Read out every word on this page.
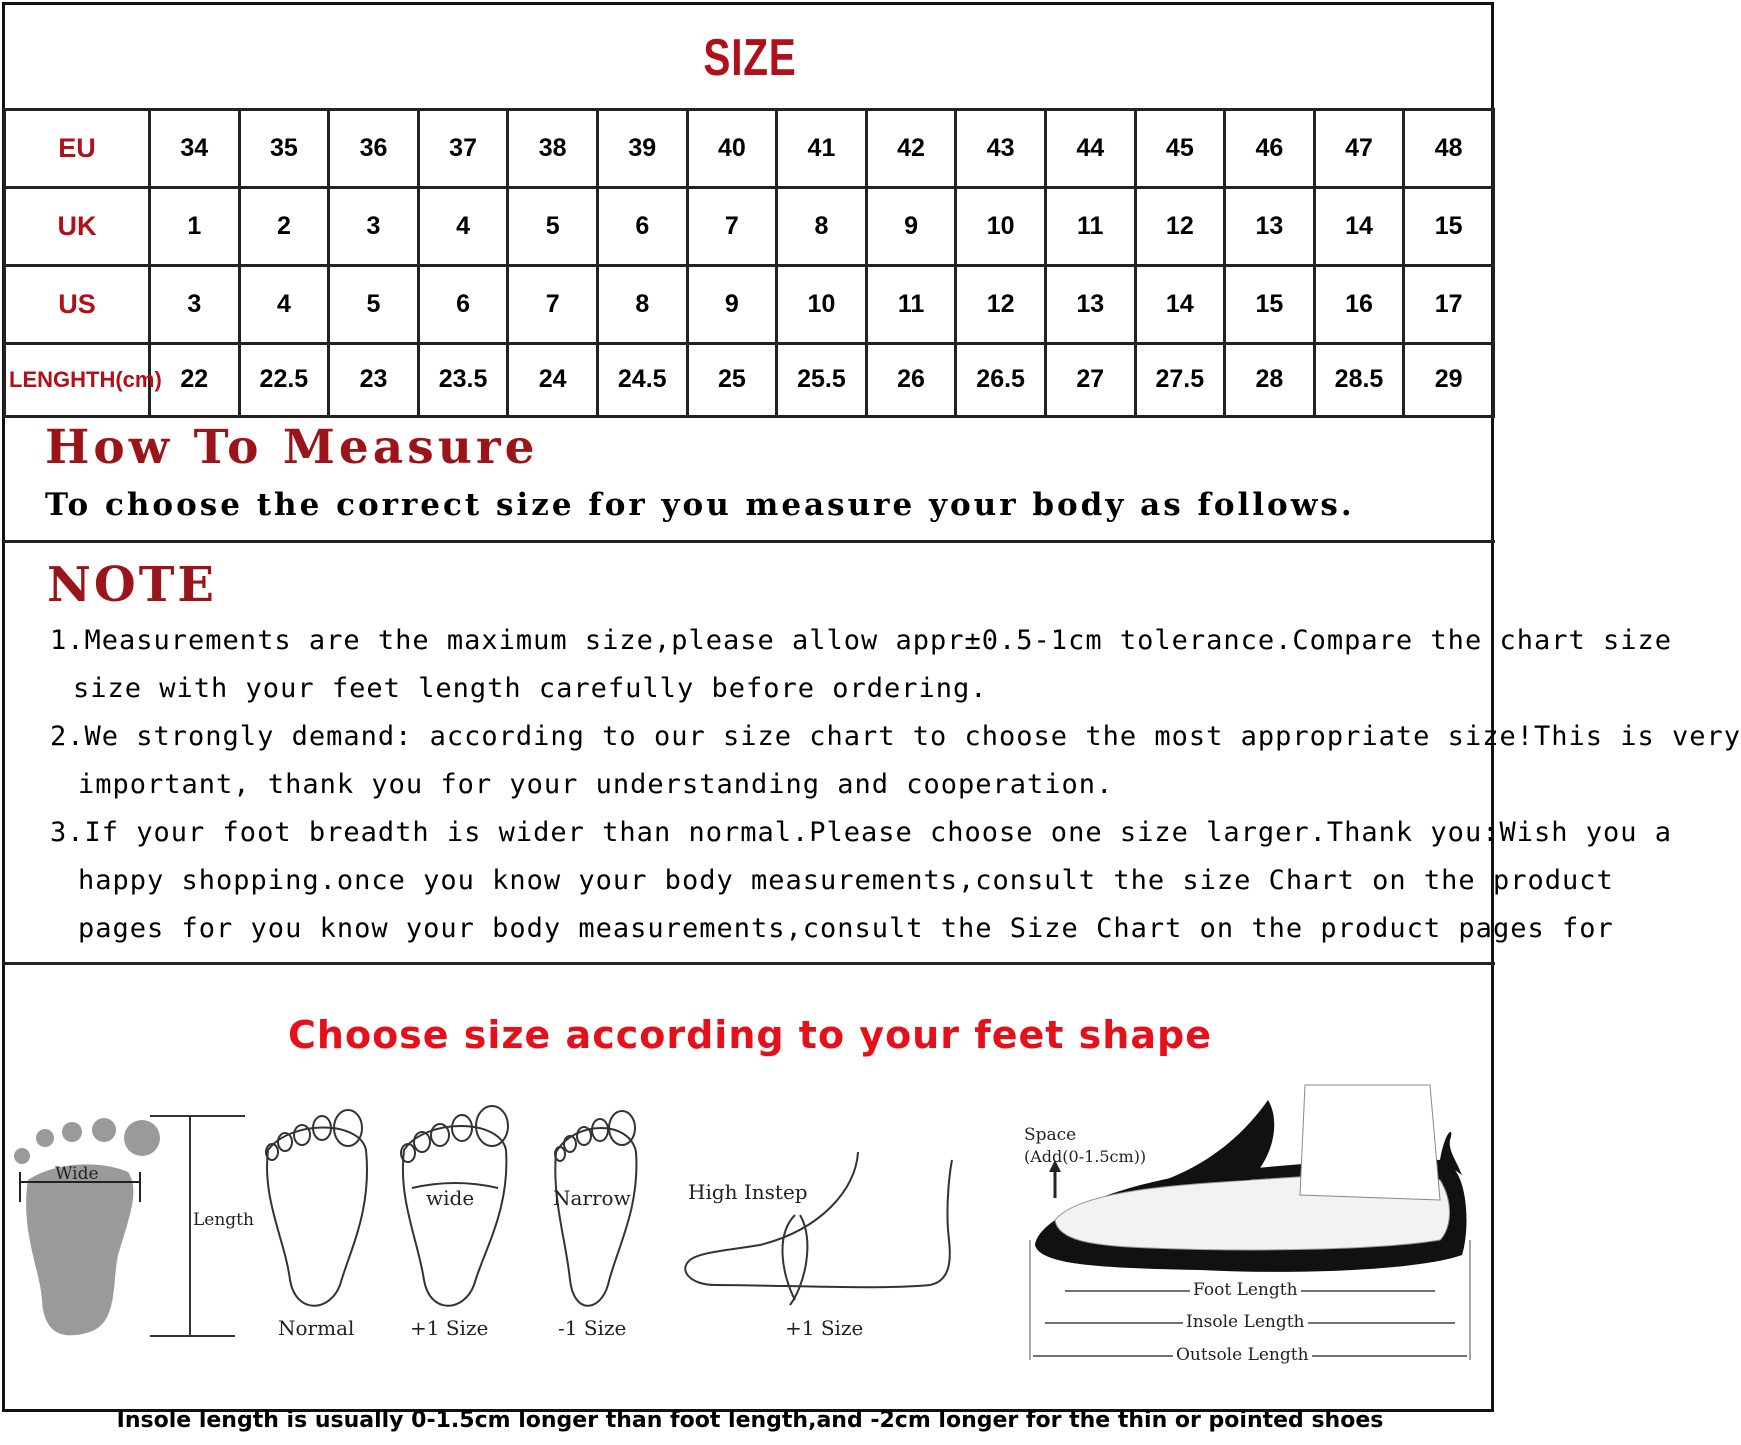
SIZE
EU	34	35	36	37	38	39	40	41	42	43	44	45	46	47	48
UK	1	2	3	4	5	6	7	8	9	10	11	12	13	14	15
US	3	4	5	6	7	8	9	10	11	12	13	14	15	16	17
LENGHTH(cm)	22	22.5	23	23.5	24	24.5	25	25.5	26	26.5	27	27.5	28	28.5	29
How To Measure
To choose the correct size for you measure your body as follows.
NOTE
1.Measurements are the maximum size,please allow appr±0.5-1cm tolerance.Compare the chart size
size with your feet length carefully before ordering.
2.We strongly demand: according to our size chart to choose the most appropriate size!This is very
important, thank you for your understanding and cooperation.
3.If your foot breadth is wider than normal.Please choose one size larger.Thank you:Wish you a
happy shopping.once you know your body measurements,consult the size Chart on the product
pages for you know your body measurements,consult the Size Chart on the product pages for
Choose size according to your feet shape
Wide
Length
Normal
wide
+1 Size
Narrow
-1 Size
High Instep
+1 Size
Space
(Add(0-1.5cm))
Foot Length
Insole Length
Outsole Length
Insole length is usually 0-1.5cm longer than foot length,and -2cm longer for the thin or pointed shoes
